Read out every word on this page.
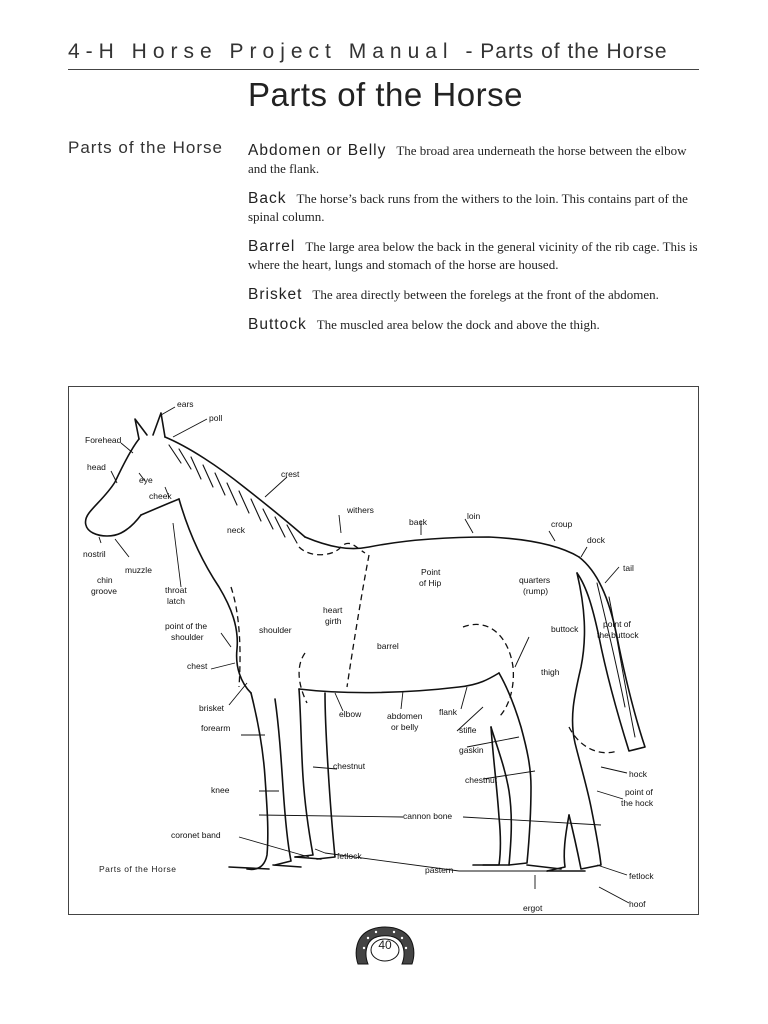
4-H Horse Project Manual - Parts of the Horse
Parts of the Horse
Parts of the Horse Abdomen or Belly The broad area underneath the horse between the elbow and the flank.

Back The horse’s back runs from the withers to the loin. This contains part of the spinal column.

Barrel The large area below the back in the general vicinity of the rib cage. This is where the heart, lungs and stomach of the horse are housed.

Brisket The area directly between the forelegs at the front of the abdomen.

Buttock The muscled area below the dock and above the thigh.

ears
poll
Forehead
head
eye
cheek
crest
neck
withers
back
loin
croup
dock
tail
nostril
muzzle
chin
groove	throat
latch
Point
of Hip	quarters
(rump)
heart
girth
point of the
shoulder
shoulder
point of
the buttock
buttock
barrel
chest
thigh
brisket
elbow	abdomen
or belly
flank
stifle
forearm
gaskin
chestnut
chestnut
hock
knee	point of
the hock
cannon bone
coronet band
fetlock
pastern
fetlock
ergot	hoof
Parts of the Horse
40
